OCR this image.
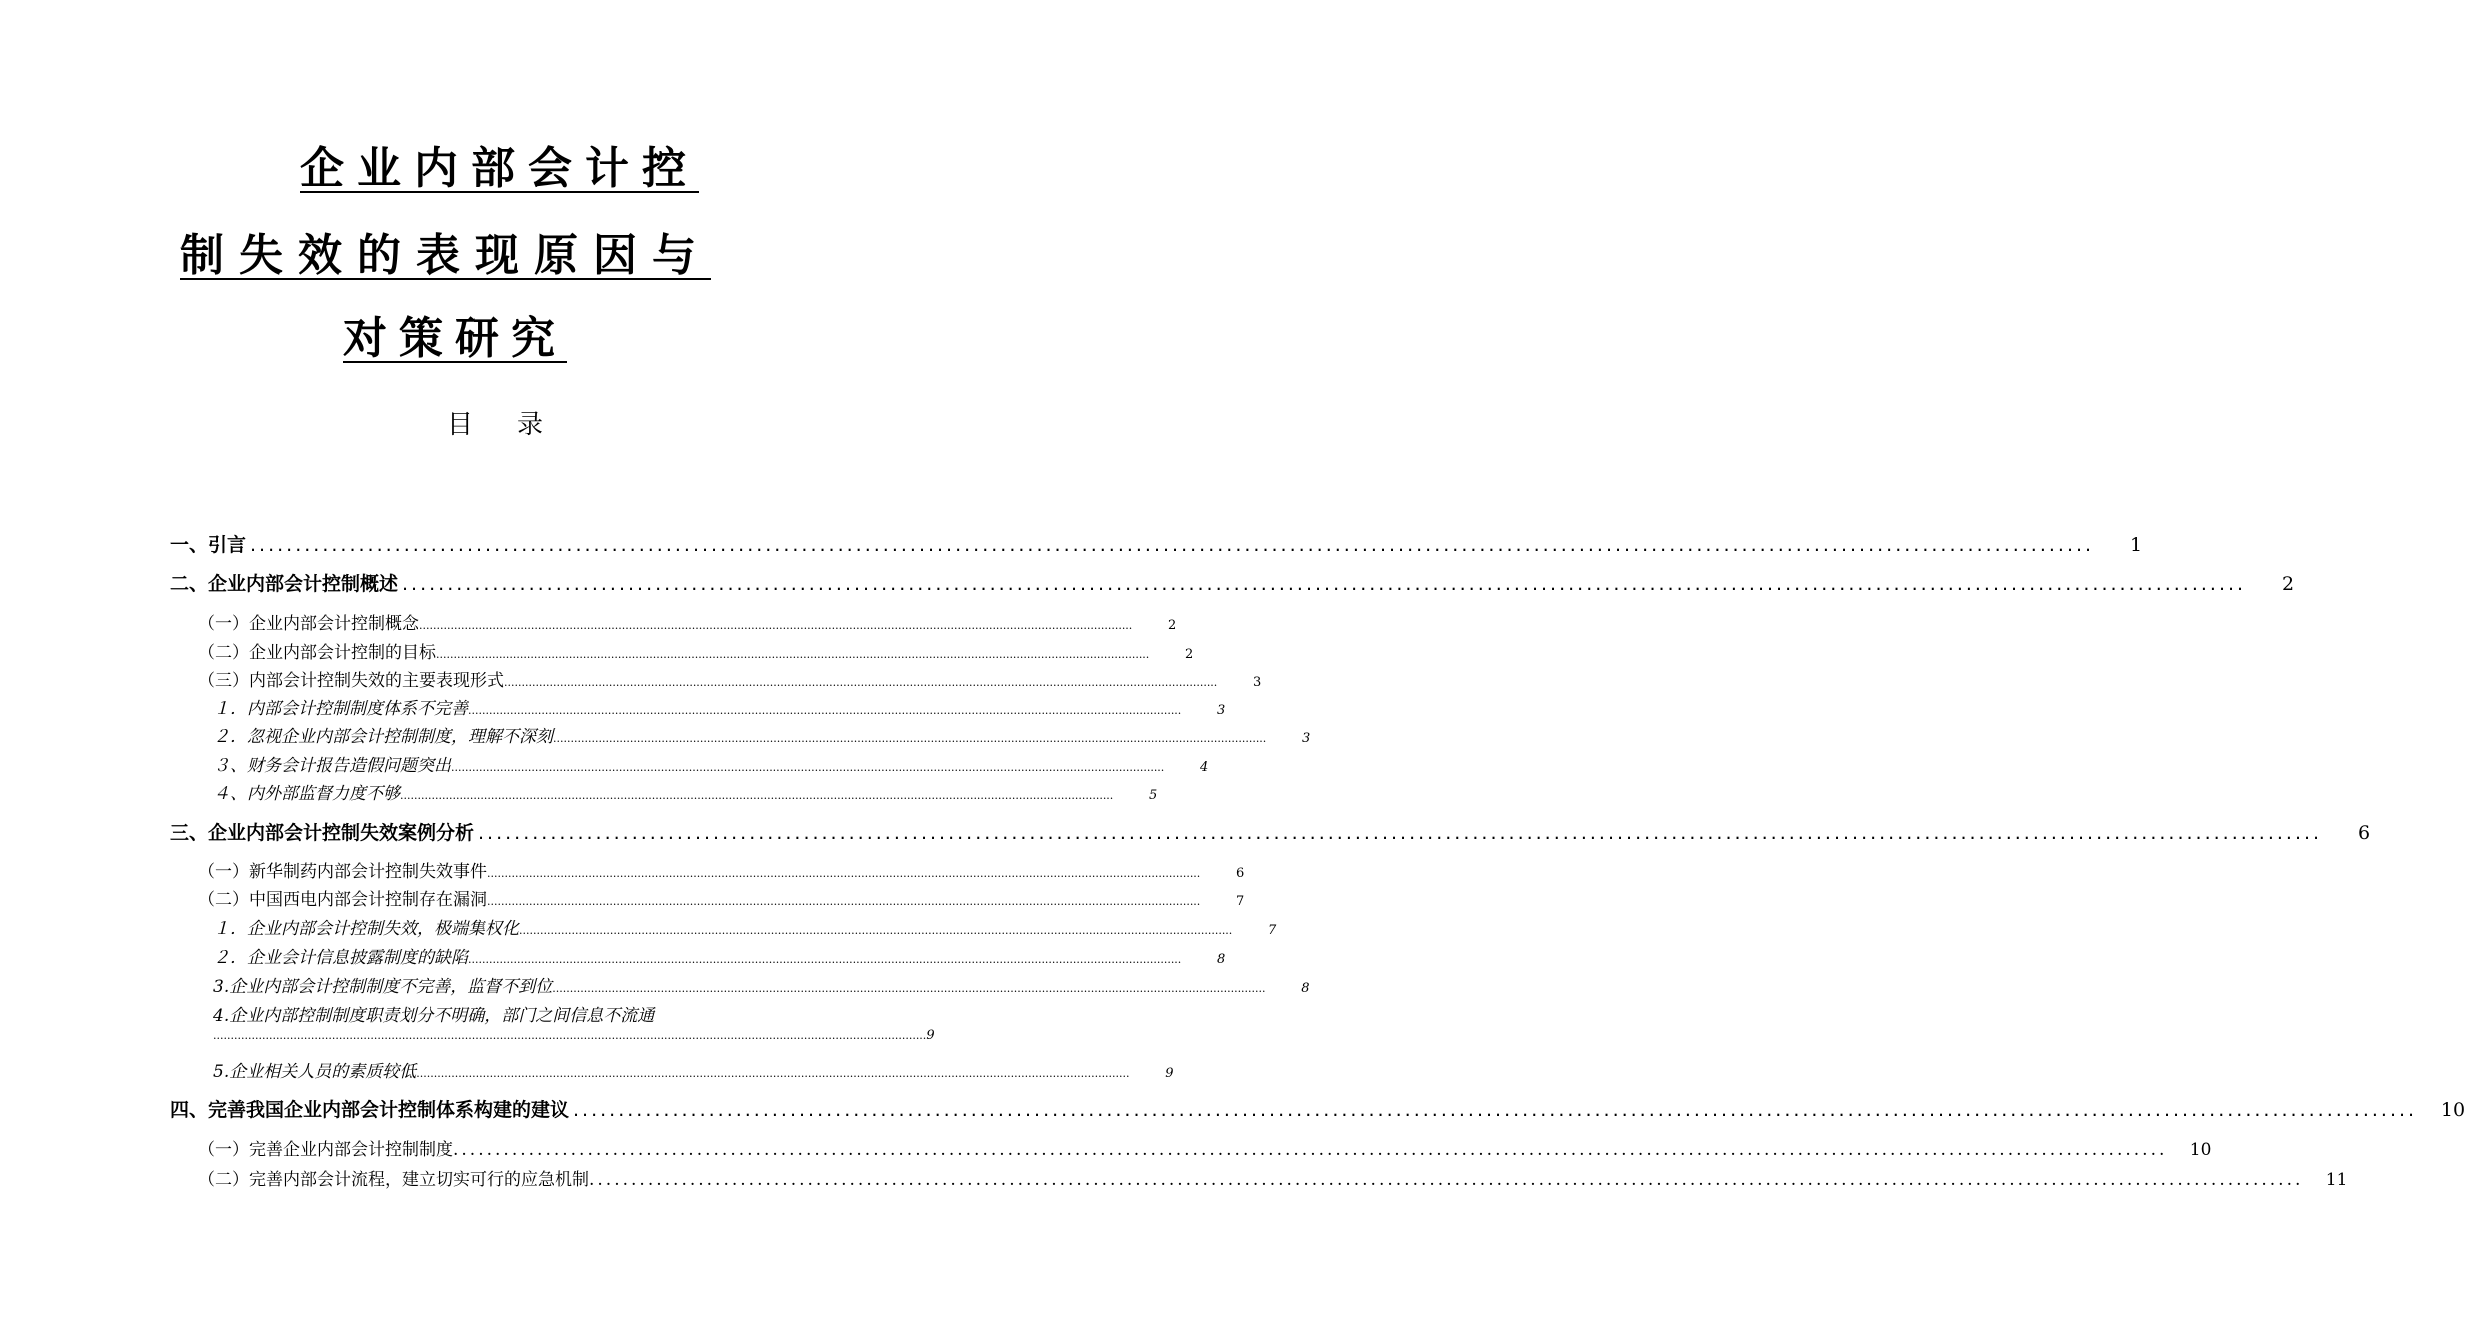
企业内部会计控
制失效的表现原因与
对策研究
目录
一、引言 ............................................................................................................................................................................................................	1
二、企业内部会计控制概述 ............................................................................................................................................................................................................	2
（一）企业内部会计控制概念 ............................................................................................................................................................................................................	2
（二）企业内部会计控制的目标 ............................................................................................................................................................................................................	2
（三）内部会计控制失效的主要表现形式 ............................................................................................................................................................................................................	3
１．内部会计控制制度体系不完善 ............................................................................................................................................................................................................	3
２．忽视企业内部会计控制制度，理解不深刻 ............................................................................................................................................................................................................	3
３、财务会计报告造假问题突出 ............................................................................................................................................................................................................	4
４、内外部监督力度不够 ............................................................................................................................................................................................................	5
三、企业内部会计控制失效案例分析 ............................................................................................................................................................................................................	6
（一）新华制药内部会计控制失效事件 ............................................................................................................................................................................................................	6
（二）中国西电内部会计控制存在漏洞 ............................................................................................................................................................................................................	7
１．企业内部会计控制失效，极端集权化 ............................................................................................................................................................................................................	7
２．企业会计信息披露制度的缺陷 ............................................................................................................................................................................................................	8
3.企业内部会计控制制度不完善，监督不到位 ............................................................................................................................................................................................................	8
4.企业内部控制制度职责划分不明确，部门之间信息不流通
............................................................................................................................................................................................................ 9
5.企业相关人员的素质较低 ............................................................................................................................................................................................................	9
四、完善我国企业内部会计控制体系构建的建议 ............................................................................................................................................................................................................	10
（一）完善企业内部会计控制制度 ............................................................................................................................................................................................................	10
（二）完善内部会计流程，建立切实可行的应急机制 ............................................................................................................................................................................................................	11
